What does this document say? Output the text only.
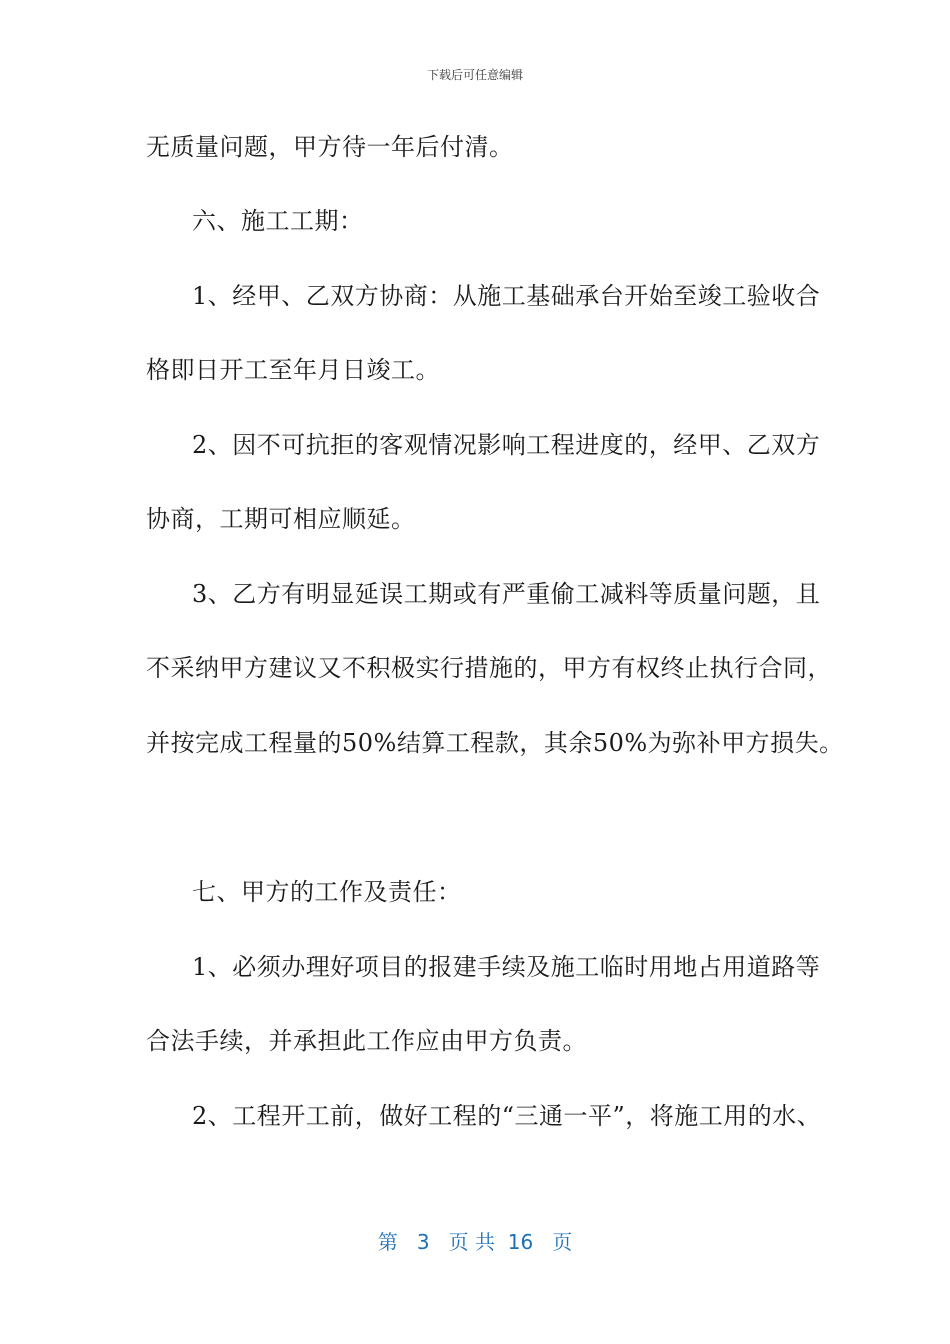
下载后可任意编辑
无质量问题，甲方待一年后付清。
六、施工工期：
1、经甲、乙双方协商：从施工基础承台开始至竣工验收合
格即日开工至年月日竣工。
2、因不可抗拒的客观情况影响工程进度的，经甲、乙双方
协商，工期可相应顺延。
3、乙方有明显延误工期或有严重偷工减料等质量问题，且
不采纳甲方建议又不积极实行措施的，甲方有权终止执行合同，
并按完成工程量的50%结算工程款，其余50%为弥补甲方损失。
七、甲方的工作及责任：
1、必须办理好项目的报建手续及施工临时用地占用道路等
合法手续，并承担此工作应由甲方负责。
2、工程开工前，做好工程的“三通一平”，将施工用的水、
第 3 页 共 16 页
